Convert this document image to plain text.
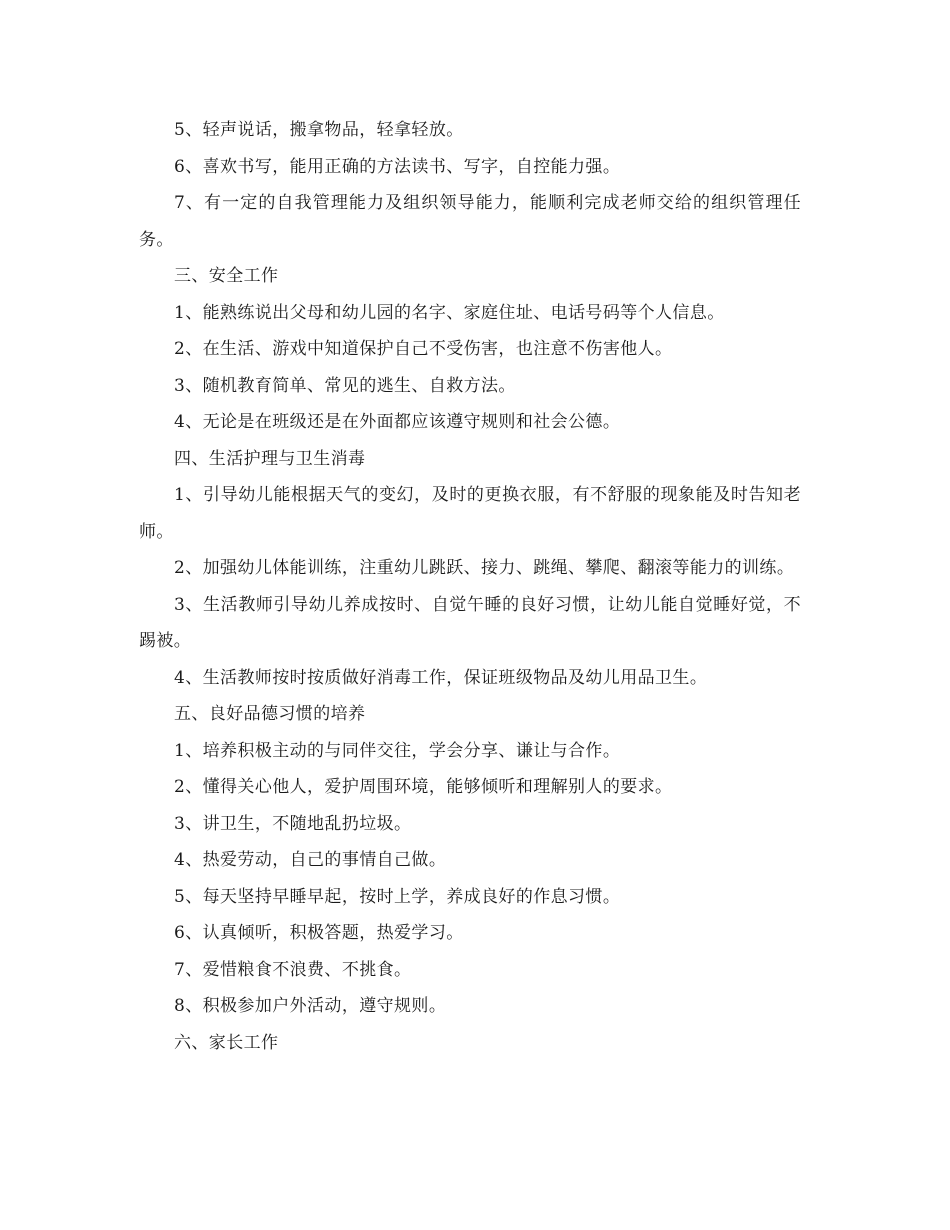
5、轻声说话，搬拿物品，轻拿轻放。

6、喜欢书写，能用正确的方法读书、写字，自控能力强。

7、有一定的自我管理能力及组织领导能力，能顺利完成老师交给的组织管理任务。

三、安全工作

1、能熟练说出父母和幼儿园的名字、家庭住址、电话号码等个人信息。

2、在生活、游戏中知道保护自己不受伤害，也注意不伤害他人。

3、随机教育简单、常见的逃生、自救方法。

4、无论是在班级还是在外面都应该遵守规则和社会公德。

四、生活护理与卫生消毒

1、引导幼儿能根据天气的变幻，及时的更换衣服，有不舒服的现象能及时告知老师。

2、加强幼儿体能训练，注重幼儿跳跃、接力、跳绳、攀爬、翻滚等能力的训练。

3、生活教师引导幼儿养成按时、自觉午睡的良好习惯，让幼儿能自觉睡好觉，不踢被。

4、生活教师按时按质做好消毒工作，保证班级物品及幼儿用品卫生。

五、良好品德习惯的培养

1、培养积极主动的与同伴交往，学会分享、谦让与合作。

2、懂得关心他人，爱护周围环境，能够倾听和理解别人的要求。

3、讲卫生，不随地乱扔垃圾。

4、热爱劳动，自己的事情自己做。

5、每天坚持早睡早起，按时上学，养成良好的作息习惯。

6、认真倾听，积极答题，热爱学习。

7、爱惜粮食不浪费、不挑食。

8、积极参加户外活动，遵守规则。

六、家长工作
